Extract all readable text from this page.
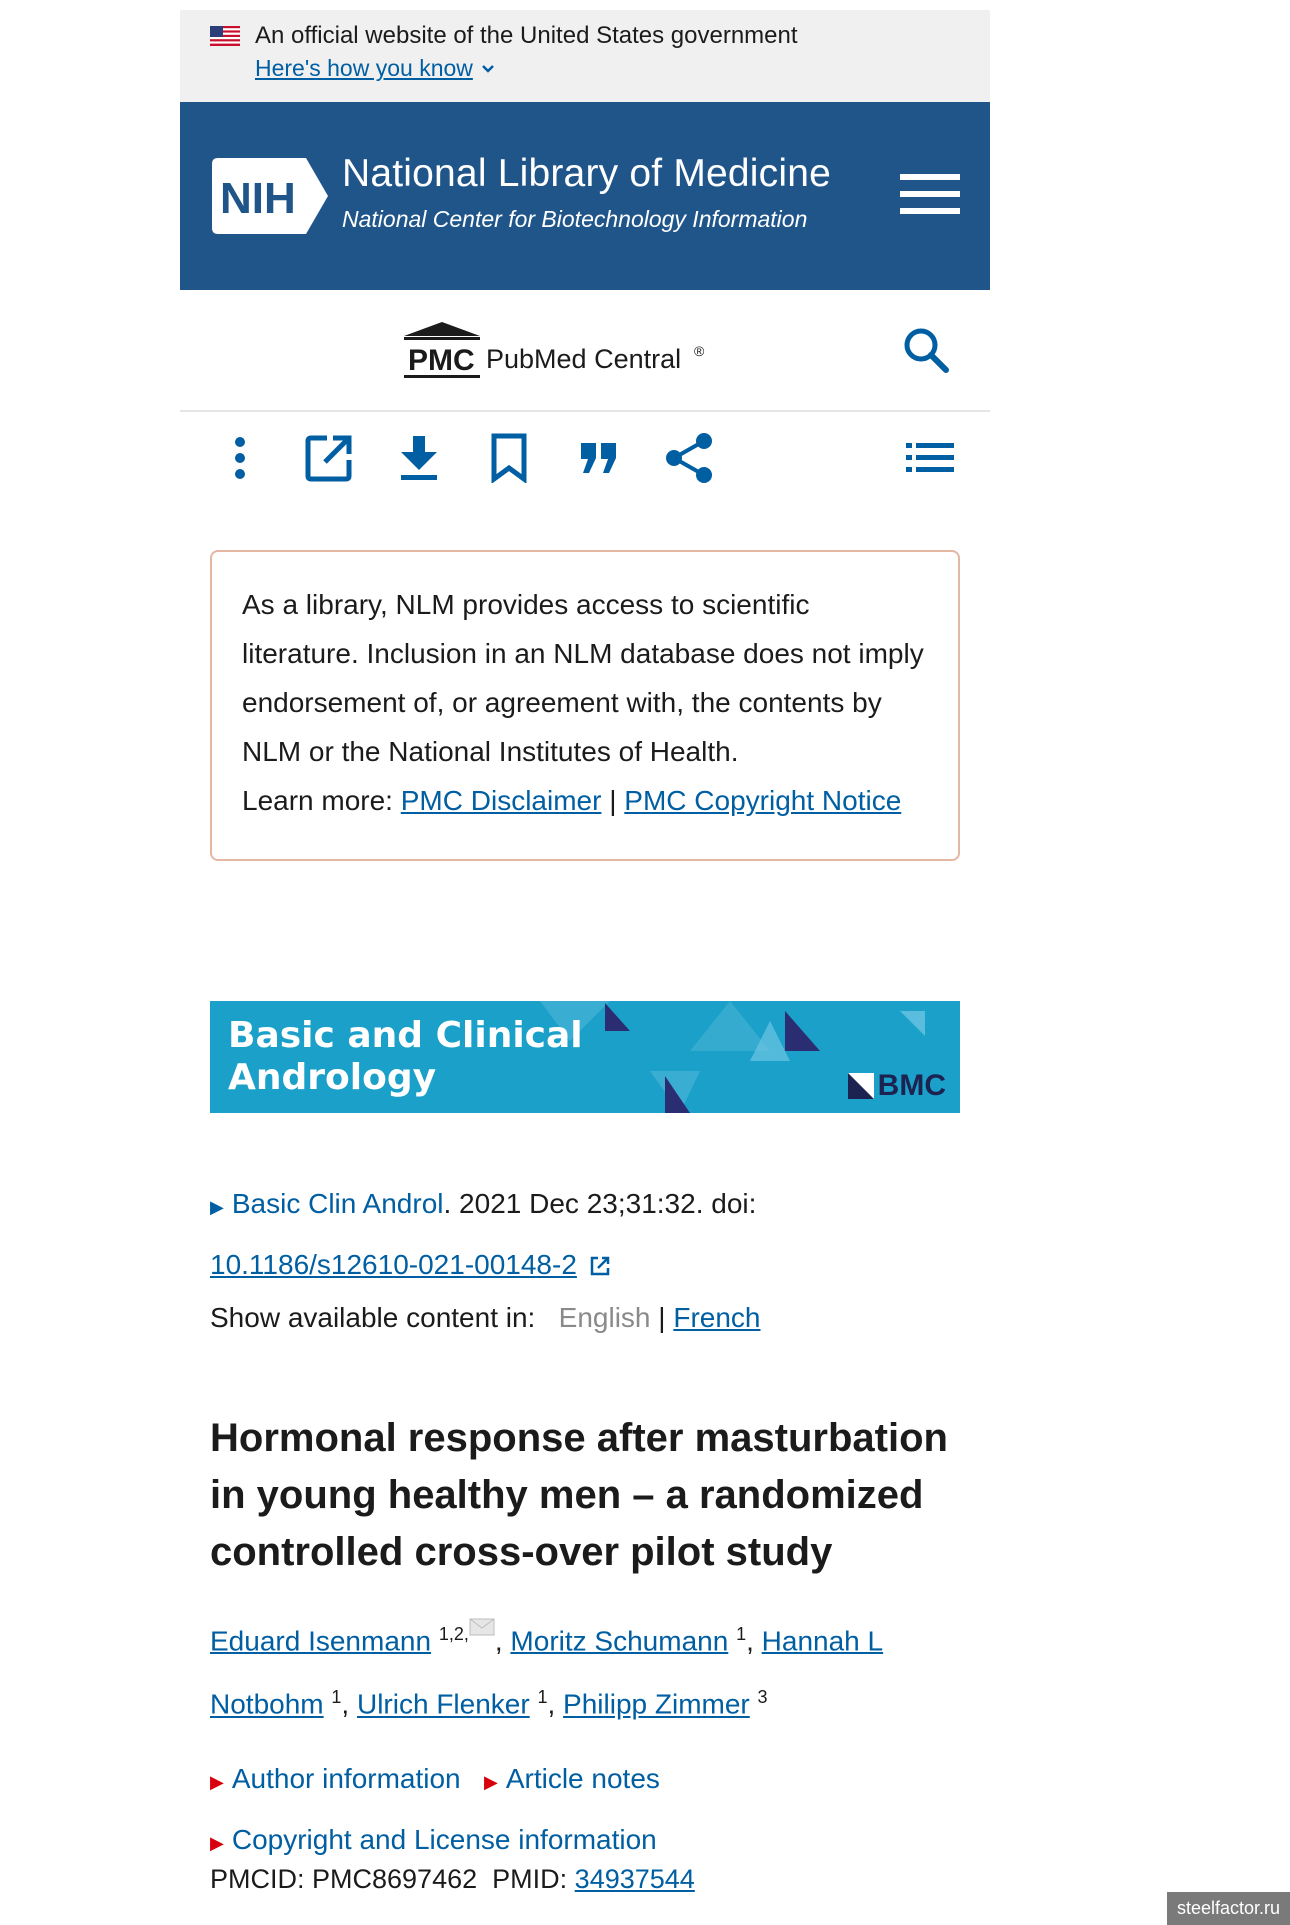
An official website of the United States government
Here's how you know
NIH
National Library of Medicine
National Center for Biotechnology Information
PMC PubMed Central ®
As a library, NLM provides access to scientific literature. Inclusion in an NLM database does not imply endorsement of, or agreement with, the contents by NLM or the National Institutes of Health.
Learn more: PMC Disclaimer | PMC Copyright Notice
Basic and Clinical
Andrology	BMC
▶ Basic Clin Androl. 2021 Dec 23;31:32. doi: 10.1186/s12610-021-00148-2
Show available content in: English | French
Hormonal response after masturbation in young healthy men – a randomized controlled cross-over pilot study
Eduard Isenmann $^{1,2,}$ , Moritz Schumann $^1$, Hannah L Notbohm $^1$, Ulrich Flenker $^1$, Philipp Zimmer $^3$
▶ Author information ▶ Article notes
▶ Copyright and License information
PMCID: PMC8697462 PMID: 34937544
steelfactor.ru
